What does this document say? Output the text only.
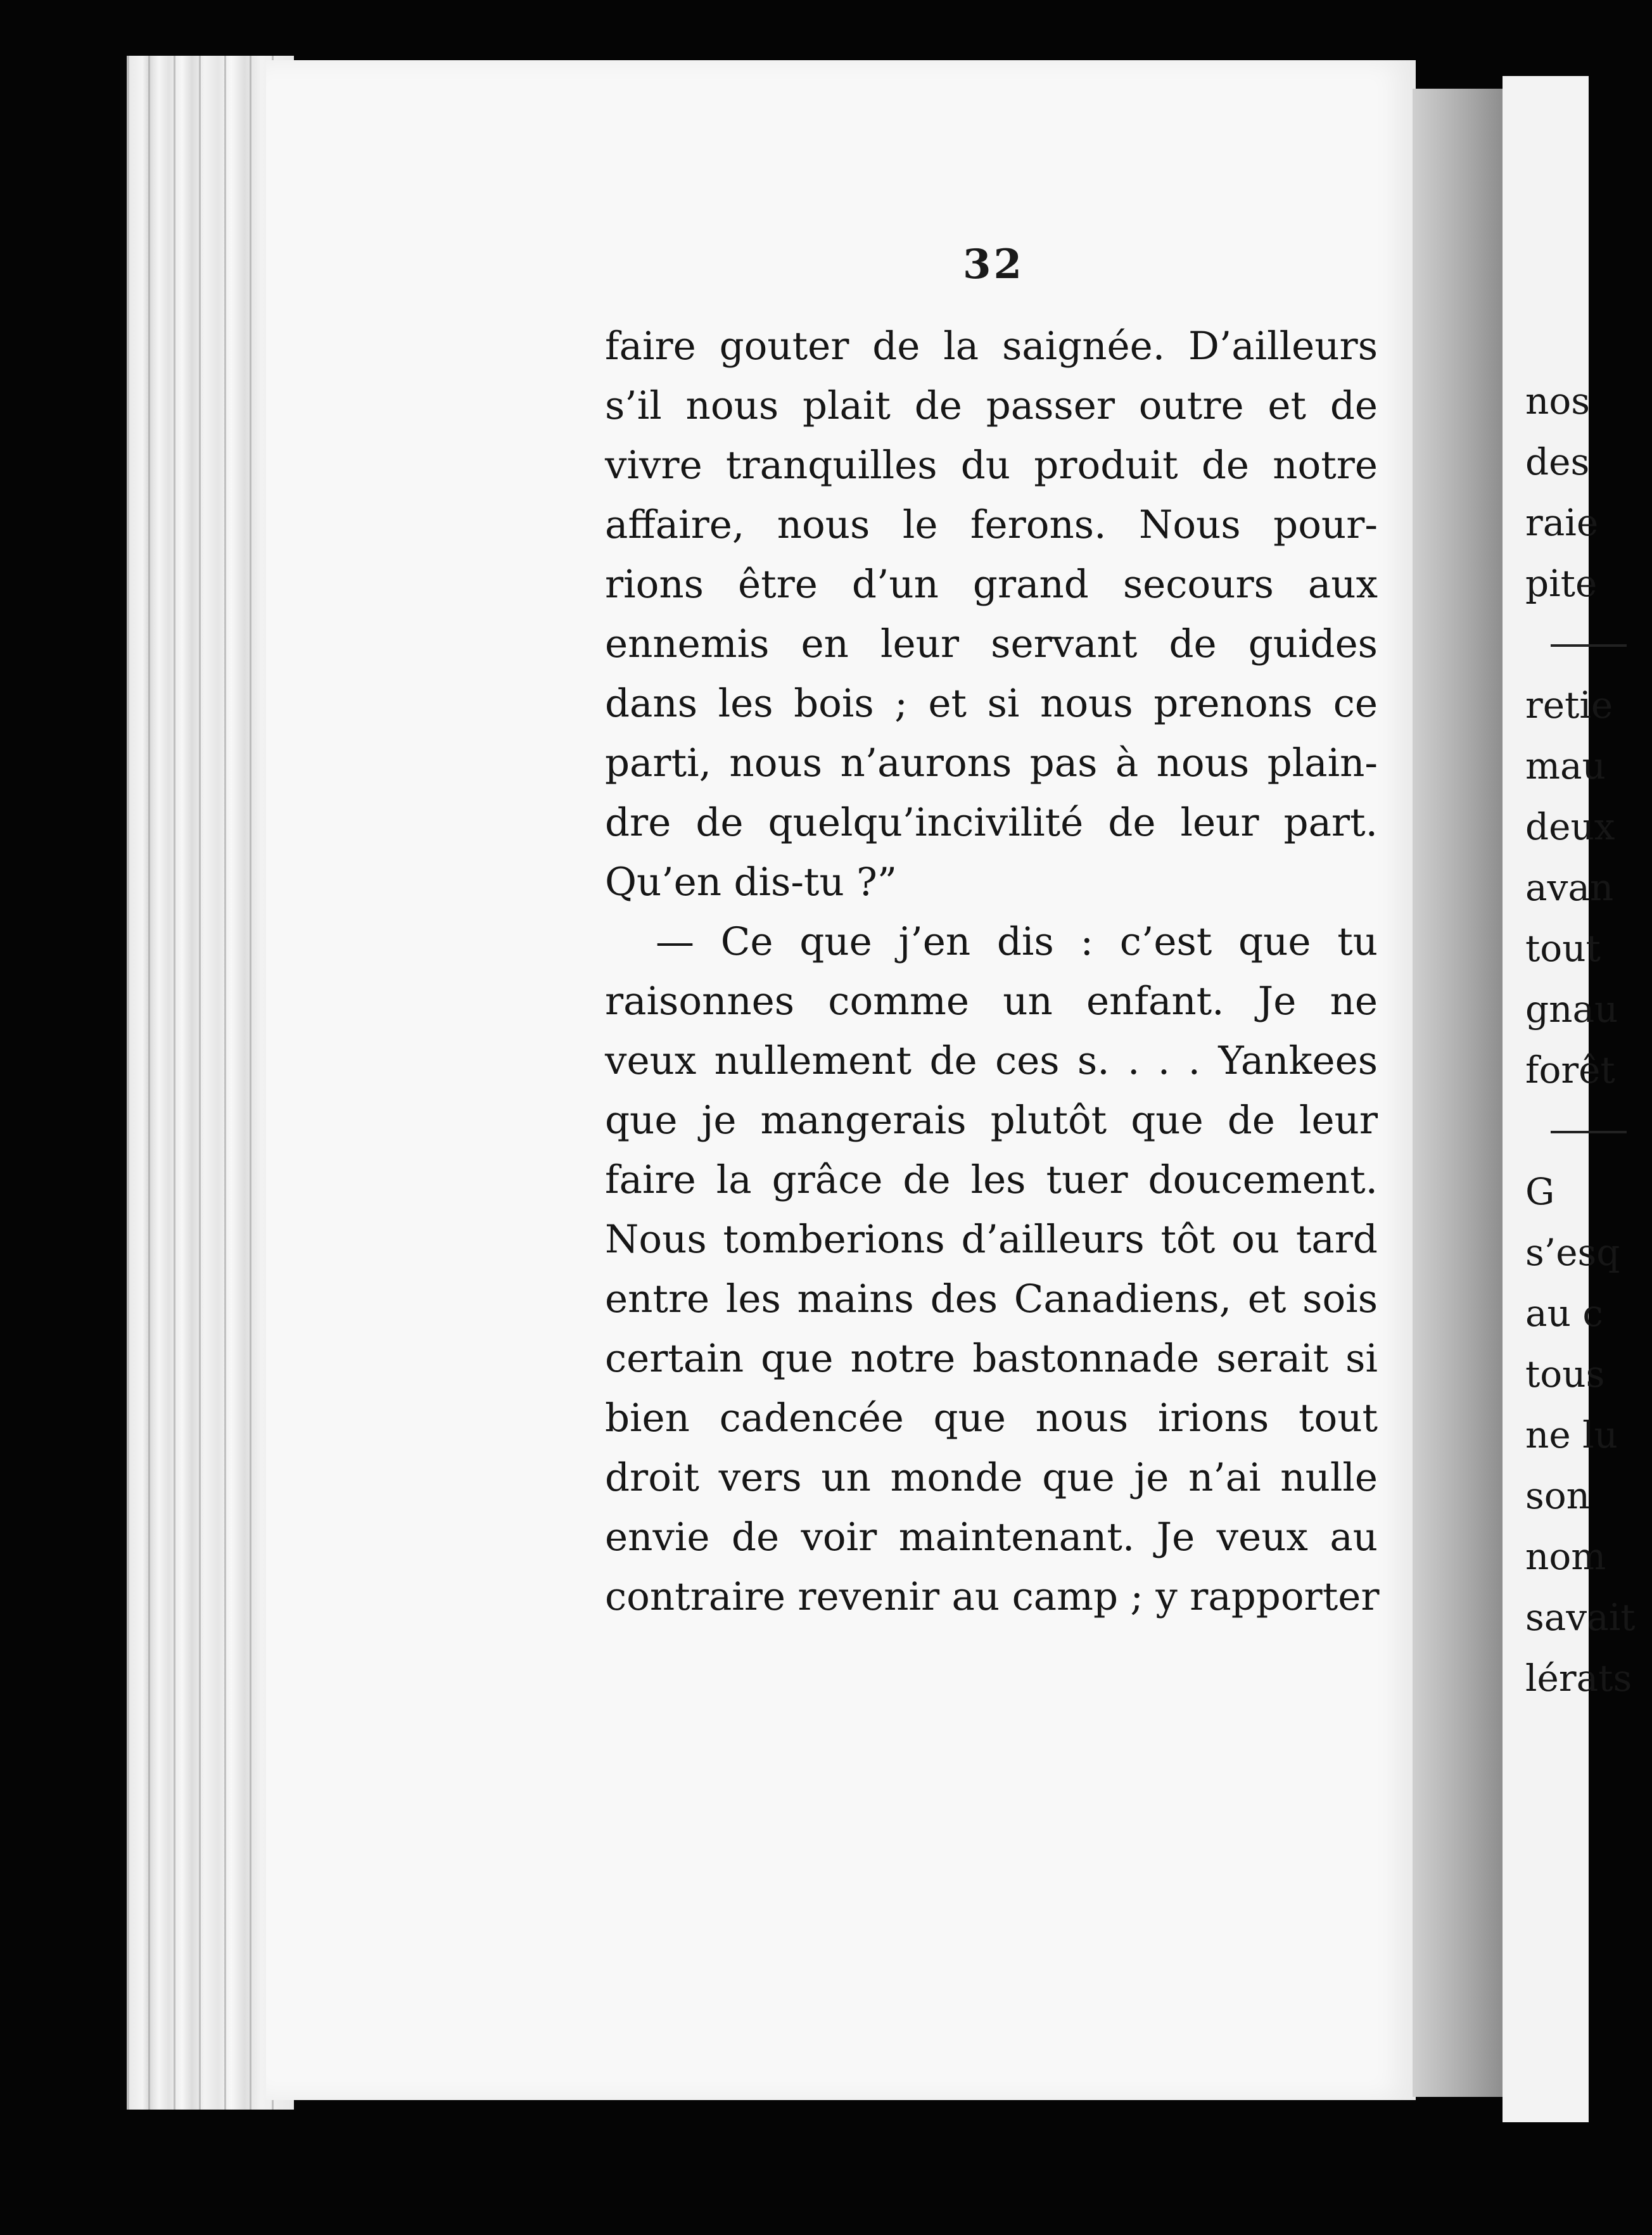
nos
des
raie
pite
retie
mau
deux
avan
tout
gnau
forêt
G
s’esq
au c
tous
ne lu
son
nom
savait
lérats
32
faire gouter de la saignée. D’ailleurs
s’il nous plait de passer outre et de
vivre tranquilles du produit de notre
affaire, nous le ferons. Nous pour-
rions être d’un grand secours aux
ennemis en leur servant de guides
dans les bois ; et si nous prenons ce
parti, nous n’aurons pas à nous plain-
dre de quelqu’incivilité de leur part.
Qu’en dis-tu ?”
— Ce que j’en dis : c’est que tu
raisonnes comme un enfant. Je ne
veux nullement de ces s. . . . Yankees
que je mangerais plutôt que de leur
faire la grâce de les tuer doucement.
Nous tomberions d’ailleurs tôt ou tard
entre les mains des Canadiens, et sois
certain que notre bastonnade serait si
bien cadencée que nous irions tout
droit vers un monde que je n’ai nulle
envie de voir maintenant. Je veux au
contraire revenir au camp ; y rapporter
